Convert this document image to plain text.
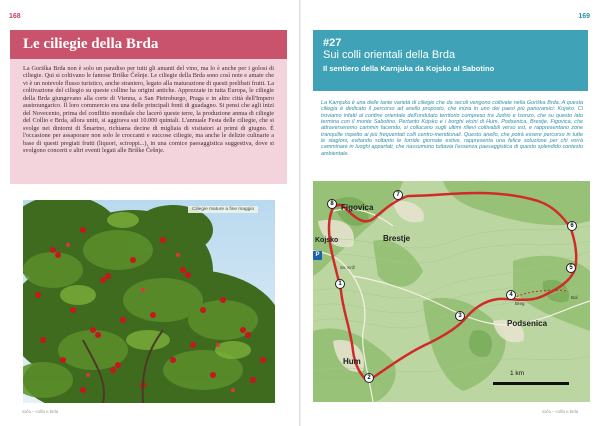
168
Le ciliegie della Brda

La Goriška Brda non è solo un paradiso per tutti gli amanti del vino, ma lo è anche per i golosi di ciliegie. Qui si coltivano le famose Briške Češnje. Le ciliegie della Brda sono così note e amate che vi è un notevole flusso turistico, anche straniero, legato alla maturazione di questi prelibati frutti. La coltivazione del ciliegio su queste colline ha origini antiche. Apprezzate in tutta Europa, le ciliegie della Brda giungevano alla corte di Vienna, a San Pietroburgo, Praga e in altre città dell'Impero austroungarico. Il loro commercio era una delle principali fonti di guadagno. Si pensi che agli inizi del Novecento, prima del conflitto mondiale che lacerò queste terre, la produzione annua di ciliegie del Collio e Brda, allora uniti, si aggirava sui 10.000 quintali. L'annuale Festa delle ciliegie, che si svolge nei dintorni di Šmartno, richiama decine di migliaia di visitatori ai primi di giugno. È l'occasione per assaporare non solo le croccanti e succose ciliegie, ma anche le delizie culinarie a base di questi pregiati frutti (liquori, sciroppi...), in una cornice paesaggistica suggestiva, dove si svolgono concerti e altri eventi legati alle Briške Češnje.

Ciliegie mature a fine maggio
soča – collio e brda
169
#27
Sui colli orientali della Brda
Il sentiero della Karnjuka da Kojsko al Sabotino

La Karnjuka è una delle tante varietà di ciliegie che da secoli vengono coltivate nella Goriška Brda. A questa ciliegia è dedicato il percorso ad anello proposto, che inizia in uno dei paesi più panoramici: Kojsko. Ci troviamo infatti al confine orientale dell'ondulato territorio compreso tra Judrio e Isonzo, che su questo lato termina con il monte Sabotino. Pertanto Kojsko e i borghi vicini di Hum, Podsenica, Brestje, Figovica, che attraverseremo cammin facendo, si collocano sugli ultimi rilievi coltivabili verso est, e rappresentano zone tranquille rispetto ai più frequentati colli centro-meridionali. Questo anello, che potrà essere percorso in tutte le stagioni, evitando soltanto le torride giornate estive, rappresenta una felice soluzione per chi vorrà camminare in luoghi appartati, che riassumono tuttavia l'essenza paesaggistica di questo splendido contesto ambientale.

Figovica
Kojsko	Brestje
Podsenica
Hum
Sv. Križ
Breg
Bol
P
1
2
3
4
5
6
7
8
1 km
soča – collio e brda
